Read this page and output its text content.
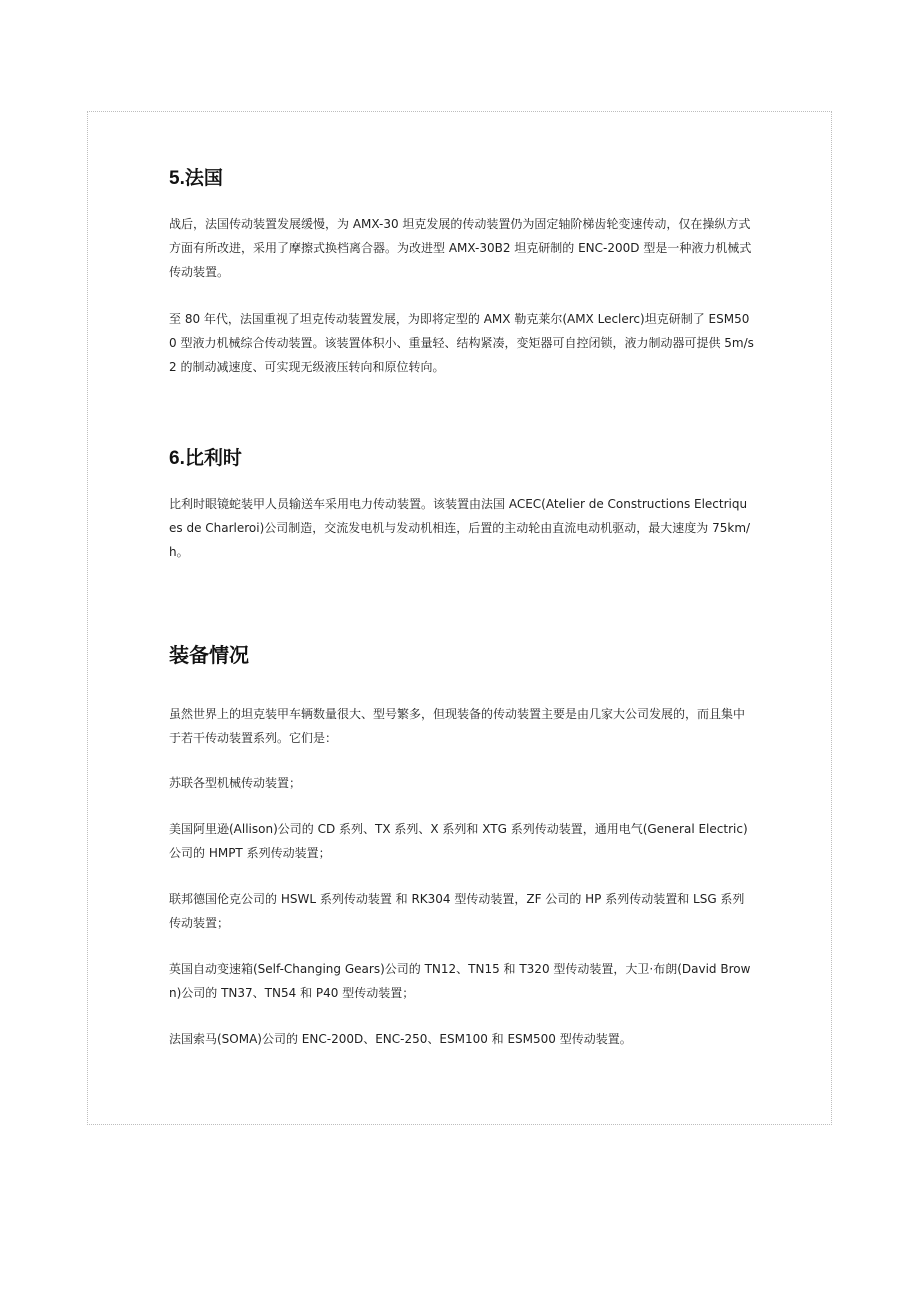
5.法国

战后，法国传动装置发展缓慢，为 AMX-30 坦克发展的传动装置仍为固定轴阶梯齿轮变速传动，仅在操纵方式方面有所改进，采用了摩擦式换档离合器。为改进型 AMX-30B2 坦克研制的 ENC-200D 型是一种液力机械式传动装置。

至 80 年代，法国重视了坦克传动装置发展，为即将定型的 AMX 勒克莱尔(AMX Leclerc)坦克研制了 ESM500 型液力机械综合传动装置。该装置体积小、重量轻、结构紧凑，变矩器可自控闭锁，液力制动器可提供 5m/s2 的制动减速度、可实现无级液压转向和原位转向。

6.比利时

比利时眼镜蛇装甲人员输送车采用电力传动装置。该装置由法国 ACEC(Atelier de Constructions Electriques de Charleroi)公司制造，交流发电机与发动机相连，后置的主动轮由直流电动机驱动，最大速度为 75km/h。

装备情况

虽然世界上的坦克装甲车辆数量很大、型号繁多，但现装备的传动装置主要是由几家大公司发展的，而且集中于若干传动装置系列。它们是：

苏联各型机械传动装置；

美国阿里逊(Allison)公司的 CD 系列、TX 系列、X 系列和 XTG 系列传动装置，通用电气(General Electric)公司的 HMPT 系列传动装置；

联邦德国伦克公司的 HSWL 系列传动装置 和 RK304 型传动装置，ZF 公司的 HP 系列传动装置和 LSG 系列传动装置；

英国自动变速箱(Self-Changing Gears)公司的 TN12、TN15 和 T320 型传动装置，大卫·布朗(David Brown)公司的 TN37、TN54 和 P40 型传动装置；

法国索马(SOMA)公司的 ENC-200D、ENC-250、ESM100 和 ESM500 型传动装置。
